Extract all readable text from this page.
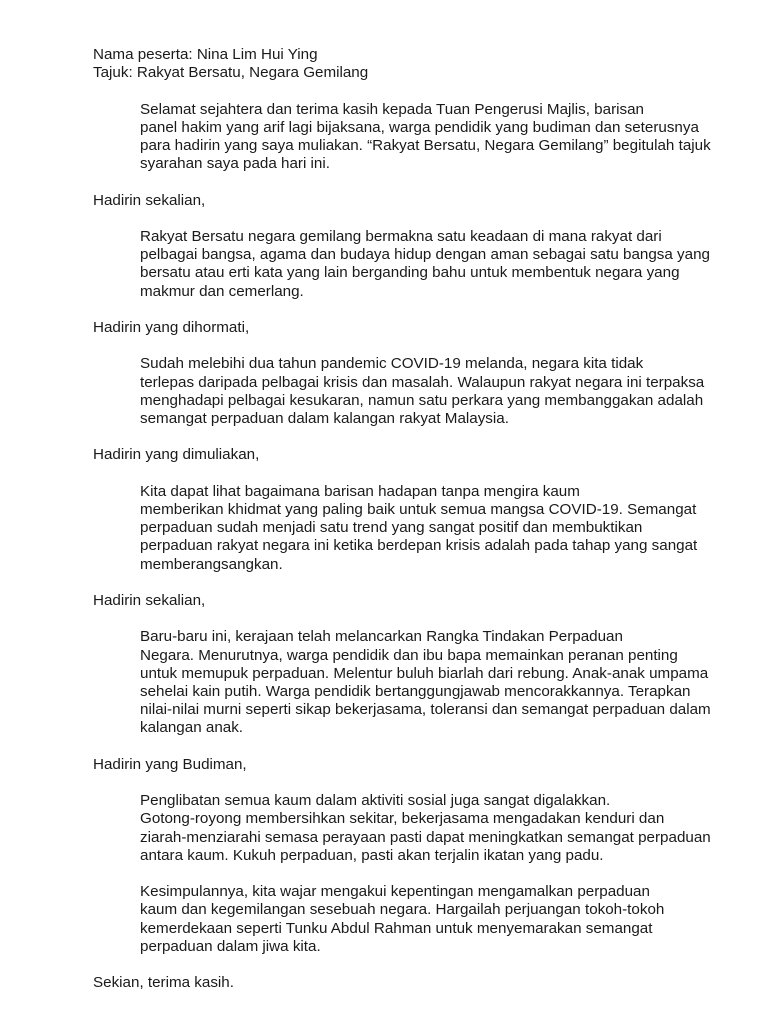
Nama peserta: Nina Lim Hui Ying

Tajuk: Rakyat Bersatu, Negara Gemilang

Selamat sejahtera dan terima kasih kepada Tuan Pengerusi Majlis, barisan
panel hakim yang arif lagi bijaksana, warga pendidik yang budiman dan seterusnya
para hadirin yang saya muliakan. “Rakyat Bersatu, Negara Gemilang” begitulah tajuk
syarahan saya pada hari ini.

Hadirin sekalian,

Rakyat Bersatu negara gemilang bermakna satu keadaan di mana rakyat dari
pelbagai bangsa, agama dan budaya hidup dengan aman sebagai satu bangsa yang
bersatu atau erti kata yang lain berganding bahu untuk membentuk negara yang
makmur dan cemerlang.

Hadirin yang dihormati,

Sudah melebihi dua tahun pandemic COVID-19 melanda, negara kita tidak
terlepas daripada pelbagai krisis dan masalah. Walaupun rakyat negara ini terpaksa
menghadapi pelbagai kesukaran, namun satu perkara yang membanggakan adalah
semangat perpaduan dalam kalangan rakyat Malaysia.

Hadirin yang dimuliakan,

Kita dapat lihat bagaimana barisan hadapan tanpa mengira kaum
memberikan khidmat yang paling baik untuk semua mangsa COVID-19. Semangat
perpaduan sudah menjadi satu trend yang sangat positif dan membuktikan
perpaduan rakyat negara ini ketika berdepan krisis adalah pada tahap yang sangat
memberangsangkan.

Hadirin sekalian,

Baru-baru ini, kerajaan telah melancarkan Rangka Tindakan Perpaduan
Negara. Menurutnya, warga pendidik dan ibu bapa memainkan peranan penting
untuk memupuk perpaduan. Melentur buluh biarlah dari rebung. Anak-anak umpama
sehelai kain putih. Warga pendidik bertanggungjawab mencorakkannya. Terapkan
nilai-nilai murni seperti sikap bekerjasama, toleransi dan semangat perpaduan dalam
kalangan anak.

Hadirin yang Budiman,

Penglibatan semua kaum dalam aktiviti sosial juga sangat digalakkan.
Gotong-royong membersihkan sekitar, bekerjasama mengadakan kenduri dan
ziarah-menziarahi semasa perayaan pasti dapat meningkatkan semangat perpaduan
antara kaum. Kukuh perpaduan, pasti akan terjalin ikatan yang padu.

Kesimpulannya, kita wajar mengakui kepentingan mengamalkan perpaduan
kaum dan kegemilangan sesebuah negara. Hargailah perjuangan tokoh-tokoh
kemerdekaan seperti Tunku Abdul Rahman untuk menyemarakan semangat
perpaduan dalam jiwa kita.

Sekian, terima kasih.
